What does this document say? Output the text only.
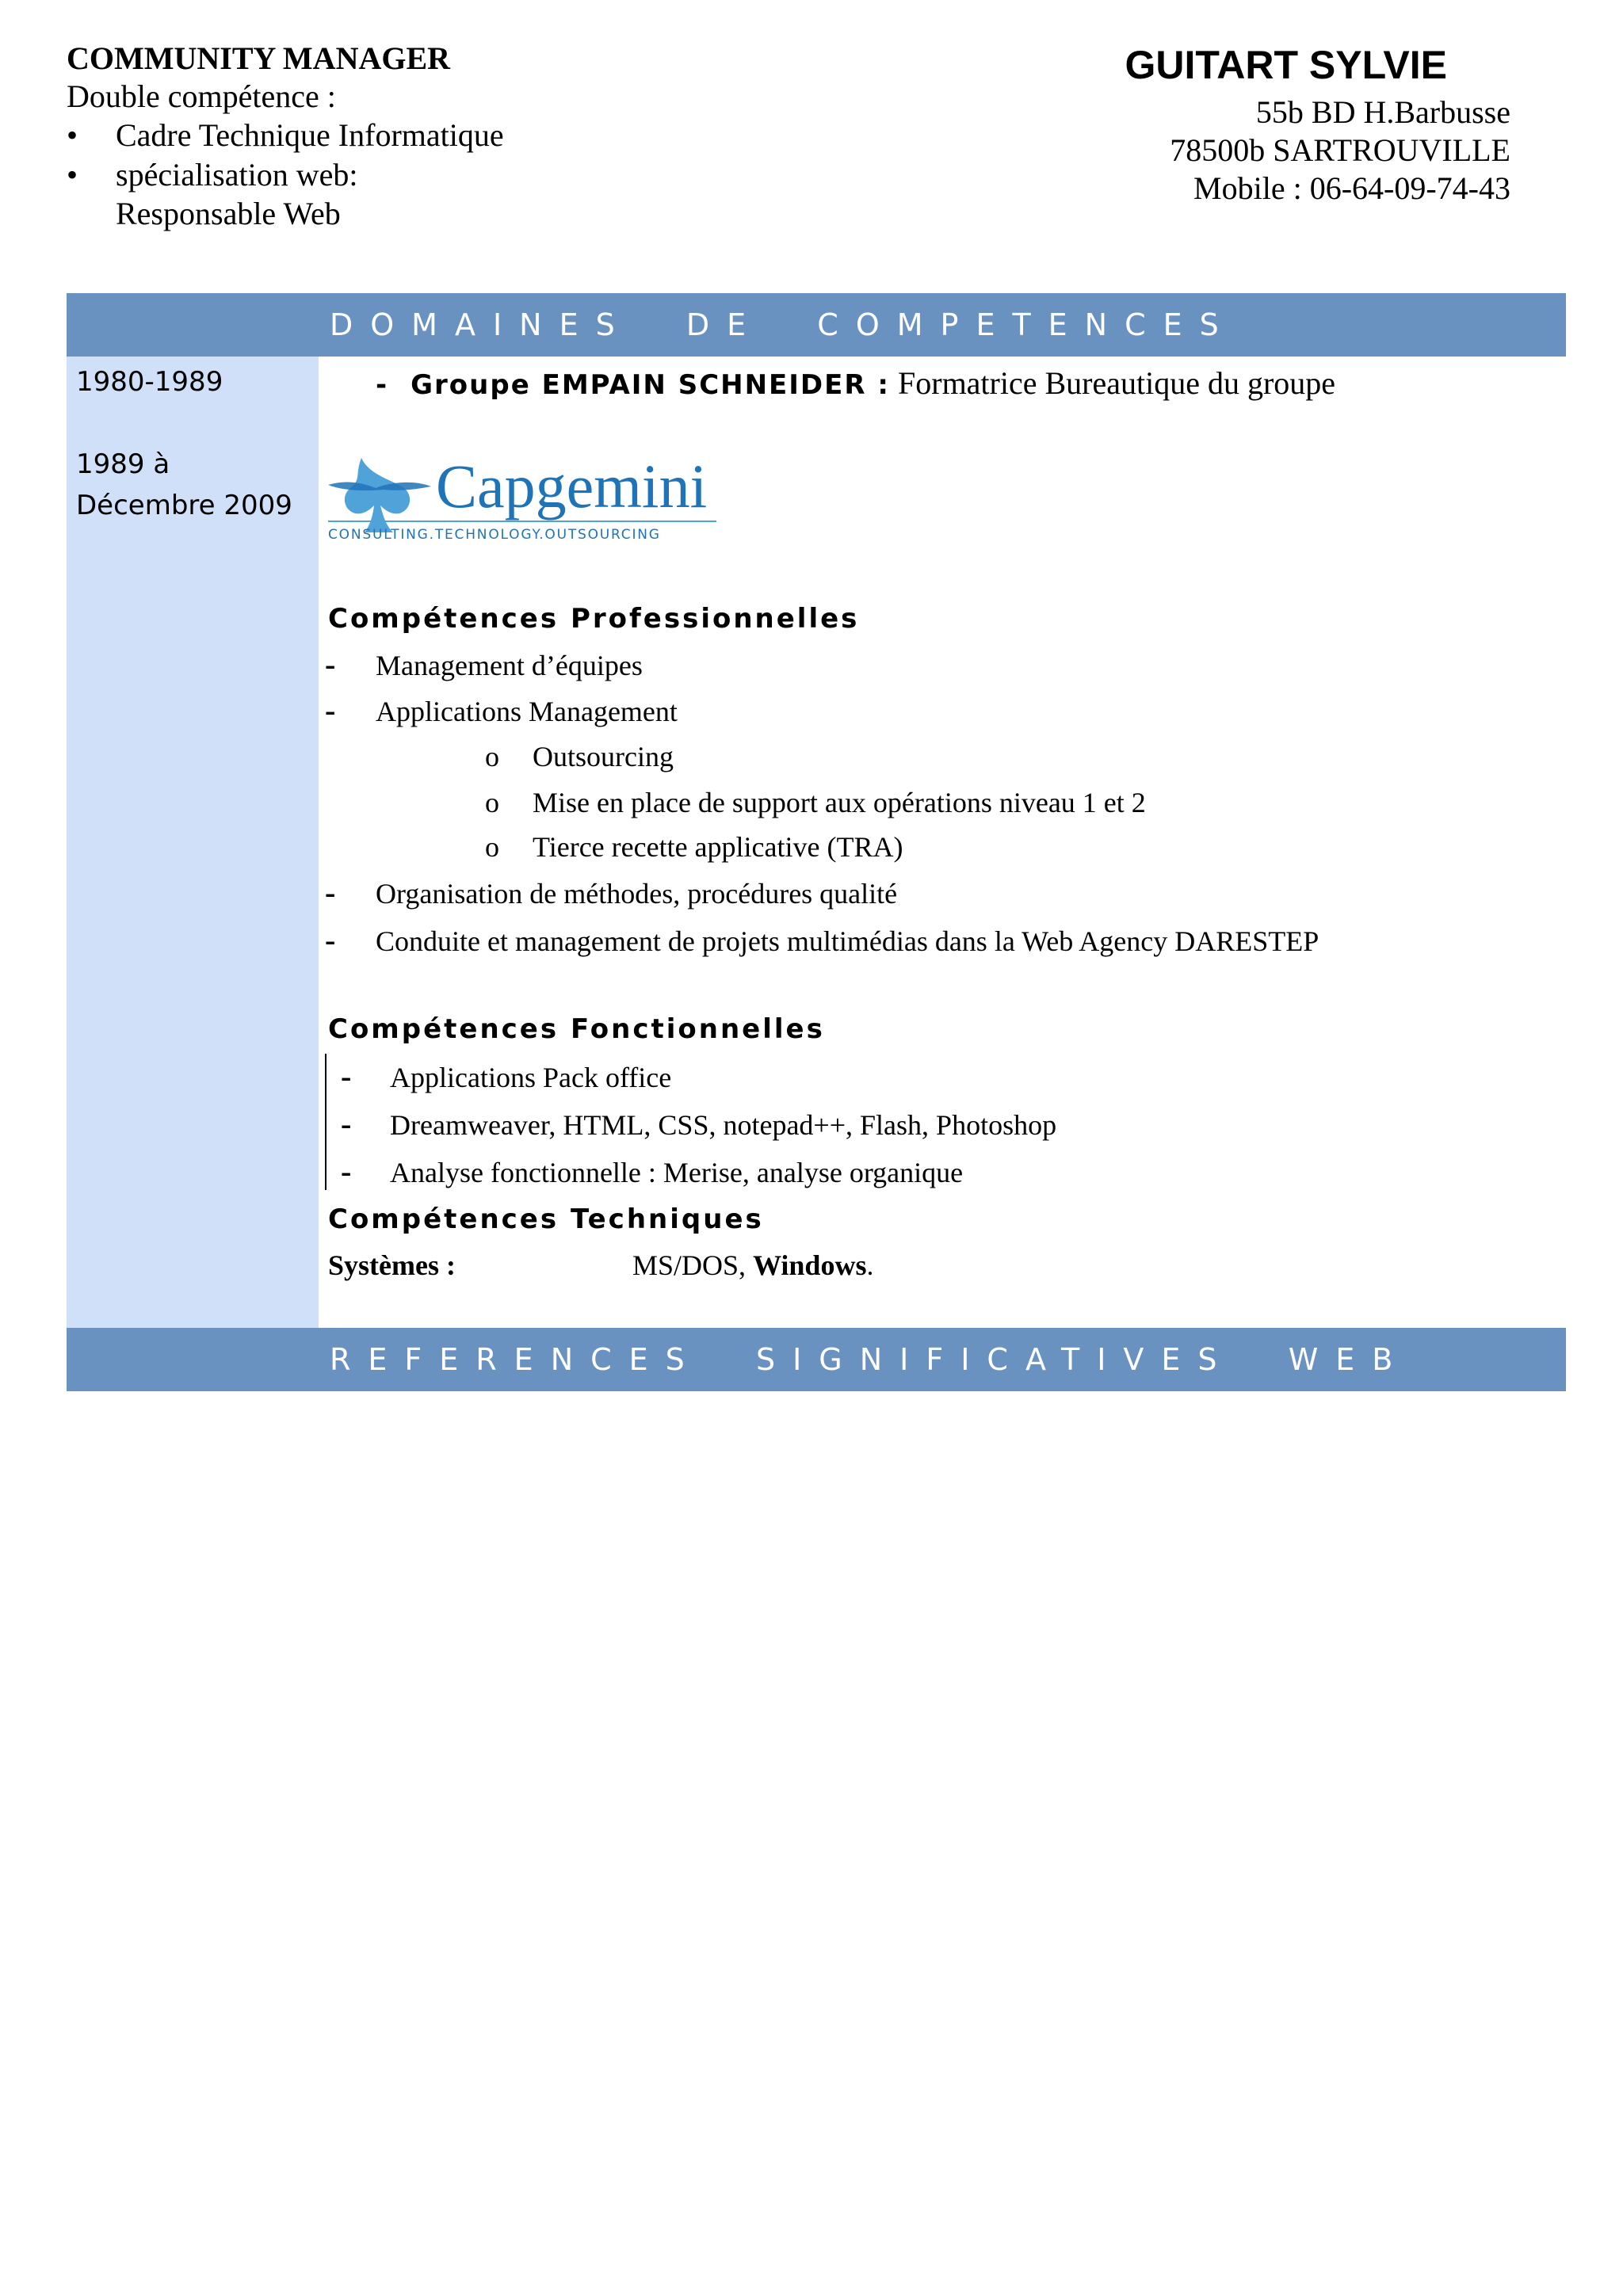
COMMUNITY MANAGER
Double compétence :
• Cadre Technique Informatique
• spécialisation web:
Responsable Web
GUITART SYLVIE
55b BD H.Barbusse
78500b SARTROUVILLE
Mobile : 06-64-09-74-43
DOMAINES  DE  COMPETENCES
1980-1989
1989 à
Décembre 2009
- Groupe EMPAIN SCHNEIDER : Formatrice Bureautique du groupe
Capgemini
CONSULTING.TECHNOLOGY.OUTSOURCING
Compétences Professionnelles
- Management d’équipes
- Applications Management
o Outsourcing
o Mise en place de support aux opérations niveau 1 et 2
o Tierce recette applicative (TRA)
- Organisation de méthodes, procédures qualité
- Conduite et management de projets multimédias dans la Web Agency DARESTEP
Compétences Fonctionnelles
- Applications Pack office
- Dreamweaver, HTML, CSS, notepad++, Flash, Photoshop
- Analyse fonctionnelle : Merise, analyse organique
Compétences Techniques
Systèmes :	MS/DOS, Windows.
REFERENCES  SIGNIFICATIVES  WEB
